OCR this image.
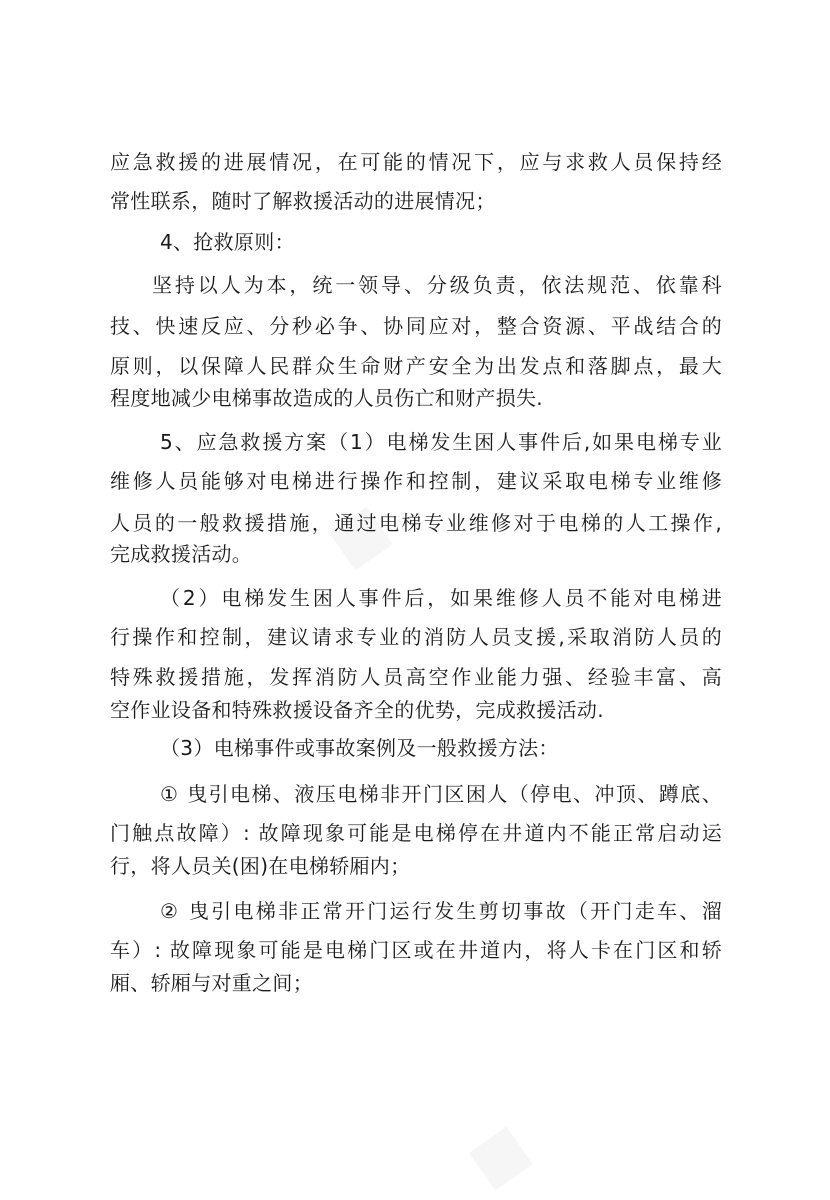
应急救援的进展情况，在可能的情况下，应与求救人员保持经
常性联系，随时了解救援活动的进展情况；
4、抢救原则：
坚持以人为本，统一领导、分级负责，依法规范、依靠科
技、快速反应、分秒必争、协同应对，整合资源、平战结合的
原则，以保障人民群众生命财产安全为出发点和落脚点，最大
程度地减少电梯事故造成的人员伤亡和财产损失.
5、应急救援方案（1）电梯发生困人事件后,如果电梯专业
维修人员能够对电梯进行操作和控制，建议采取电梯专业维修
人员的一般救援措施，通过电梯专业维修对于电梯的人工操作,
完成救援活动。
（2）电梯发生困人事件后，如果维修人员不能对电梯进
行操作和控制，建议请求专业的消防人员支援,采取消防人员的
特殊救援措施，发挥消防人员高空作业能力强、经验丰富、高
空作业设备和特殊救援设备齐全的优势，完成救援活动.
（3）电梯事件或事故案例及一般救援方法：
① 曳引电梯、液压电梯非开门区困人（停电、冲顶、蹲底、
门触点故障）: 故障现象可能是电梯停在井道内不能正常启动运
行，将人员关(困)在电梯轿厢内；
② 曳引电梯非正常开门运行发生剪切事故（开门走车、溜
车）: 故障现象可能是电梯门区或在井道内，将人卡在门区和轿
厢、轿厢与对重之间；
